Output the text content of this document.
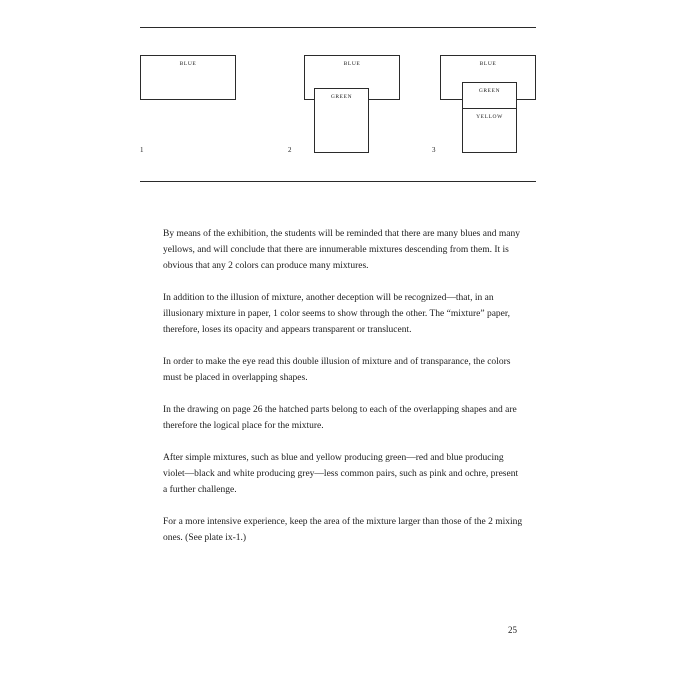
BLUE
1
BLUE
GREEN
2
BLUE
GREEN
YELLOW
3

By means of the exhibition, the students will be reminded that there are many blues and many yellows, and will conclude that there are innumerable mixtures descending from them. It is obvious that any 2 colors can produce many mixtures.

In addition to the illusion of mixture, another deception will be recognized—that, in an illusionary mixture in paper, 1 color seems to show through the other. The “mixture” paper, therefore, loses its opacity and appears transparent or translucent.

In order to make the eye read this double illusion of mixture and of transparance, the colors must be placed in overlapping shapes.

In the drawing on page 26 the hatched parts belong to each of the overlapping shapes and are therefore the logical place for the mixture.

After simple mixtures, such as blue and yellow producing green—red and blue producing violet—black and white producing grey—less common pairs, such as pink and ochre, present a further challenge.

For a more intensive experience, keep the area of the mixture larger than those of the 2 mixing ones. (See plate ix-1.)

25
